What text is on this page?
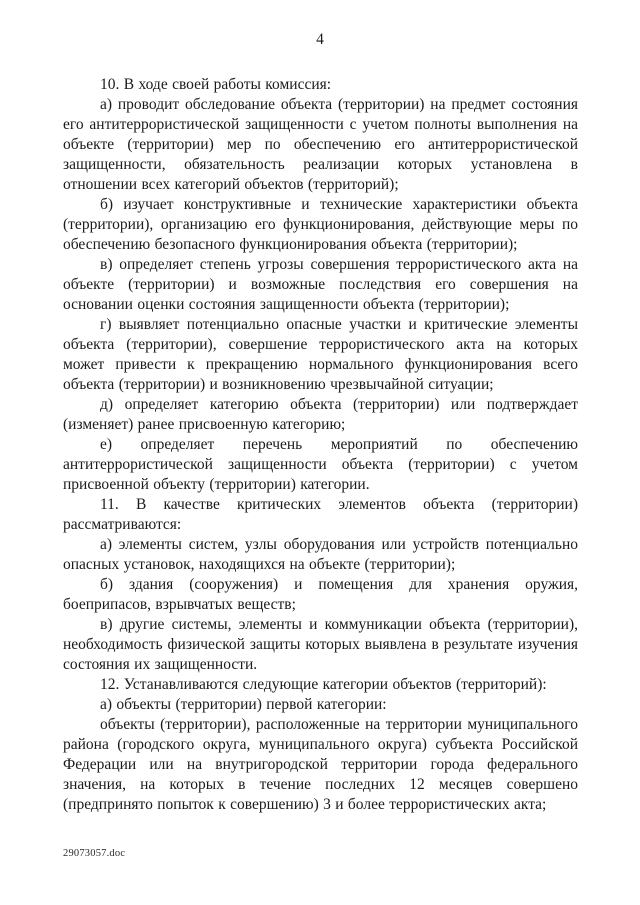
4

10. В ходе своей работы комиссия:

а) проводит обследование объекта (территории) на предмет состояния его антитеррористической защищенности с учетом полноты выполнения на объекте (территории) мер по обеспечению его антитеррористической защищенности, обязательность реализации которых установлена в отношении всех категорий объектов (территорий);

б) изучает конструктивные и технические характеристики объекта (территории), организацию его функционирования, действующие меры по обеспечению безопасного функционирования объекта (территории);

в) определяет степень угрозы совершения террористического акта на объекте (территории) и возможные последствия его совершения на основании оценки состояния защищенности объекта (территории);

г) выявляет потенциально опасные участки и критические элементы объекта (территории), совершение террористического акта на которых может привести к прекращению нормального функционирования всего объекта (территории) и возникновению чрезвычайной ситуации;

д) определяет категорию объекта (территории) или подтверждает (изменяет) ранее присвоенную категорию;

е) определяет перечень мероприятий по обеспечению антитеррористической защищенности объекта (территории) с учетом присвоенной объекту (территории) категории.

11. В качестве критических элементов объекта (территории) рассматриваются:

а) элементы систем, узлы оборудования или устройств потенциально опасных установок, находящихся на объекте (территории);

б) здания (сооружения) и помещения для хранения оружия, боеприпасов, взрывчатых веществ;

в) другие системы, элементы и коммуникации объекта (территории), необходимость физической защиты которых выявлена в результате изучения состояния их защищенности.

12. Устанавливаются следующие категории объектов (территорий):

а) объекты (территории) первой категории:

объекты (территории), расположенные на территории муниципального района (городского округа, муниципального округа) субъекта Российской Федерации или на внутригородской территории города федерального значения, на которых в течение последних 12 месяцев совершено (предпринято попыток к совершению) 3 и более террористических акта;

29073057.doc
